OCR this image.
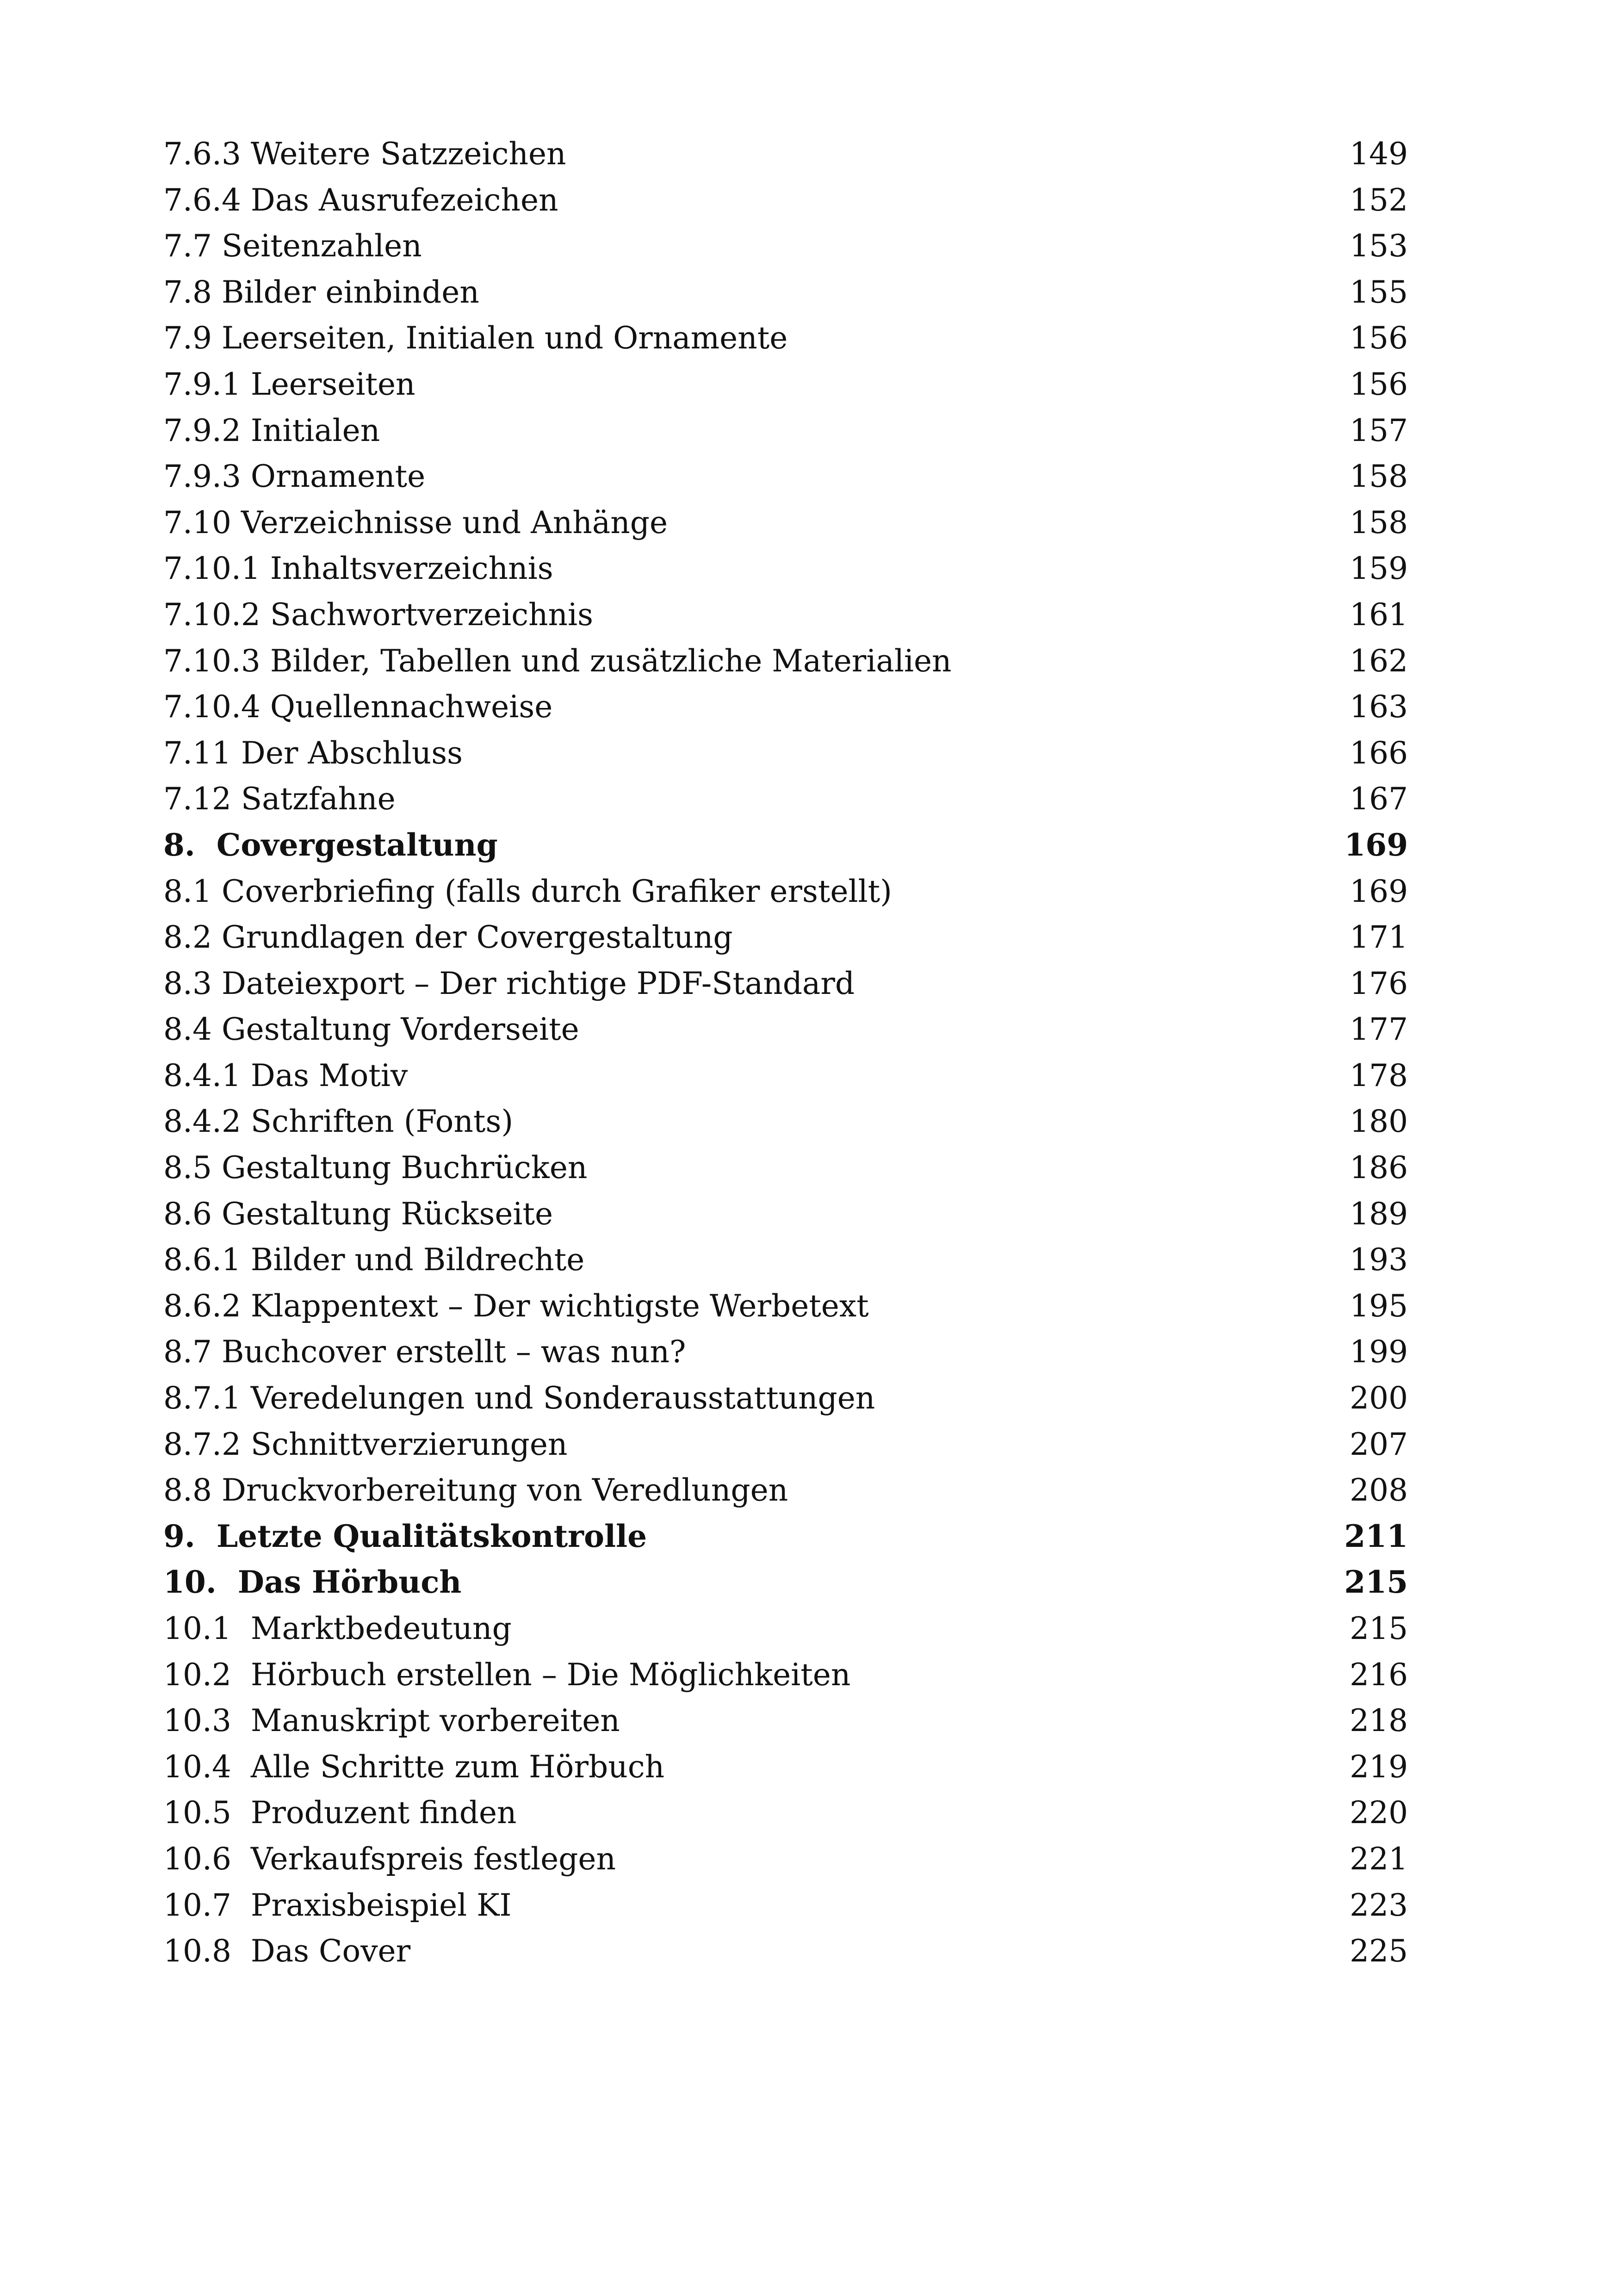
7.6.3 Weitere Satzzeichen	149
7.6.4 Das Ausrufezeichen	152
7.7 Seitenzahlen	153
7.8 Bilder einbinden	155
7.9 Leerseiten, Initialen und Ornamente	156
7.9.1 Leerseiten	156
7.9.2 Initialen	157
7.9.3 Ornamente	158
7.10 Verzeichnisse und Anhänge	158
7.10.1 Inhaltsverzeichnis	159
7.10.2 Sachwortverzeichnis	161
7.10.3 Bilder, Tabellen und zusätzliche Materialien	162
7.10.4 Quellennachweise	163
7.11 Der Abschluss	166
7.12 Satzfahne	167
8.  Covergestaltung	169
8.1 Coverbriefing (falls durch Grafiker erstellt)	169
8.2 Grundlagen der Covergestaltung	171
8.3 Dateiexport – Der richtige PDF-Standard	176
8.4 Gestaltung Vorderseite	177
8.4.1 Das Motiv	178
8.4.2 Schriften (Fonts)	180
8.5 Gestaltung Buchrücken	186
8.6 Gestaltung Rückseite	189
8.6.1 Bilder und Bildrechte	193
8.6.2 Klappentext – Der wichtigste Werbetext	195
8.7 Buchcover erstellt – was nun?	199
8.7.1 Veredelungen und Sonderausstattungen	200
8.7.2 Schnittverzierungen	207
8.8 Druckvorbereitung von Veredlungen	208
9.  Letzte Qualitätskontrolle	211
10.  Das Hörbuch	215
10.1  Marktbedeutung	215
10.2  Hörbuch erstellen – Die Möglichkeiten	216
10.3  Manuskript vorbereiten	218
10.4  Alle Schritte zum Hörbuch	219
10.5  Produzent finden	220
10.6  Verkaufspreis festlegen	221
10.7  Praxisbeispiel KI	223
10.8  Das Cover	225
